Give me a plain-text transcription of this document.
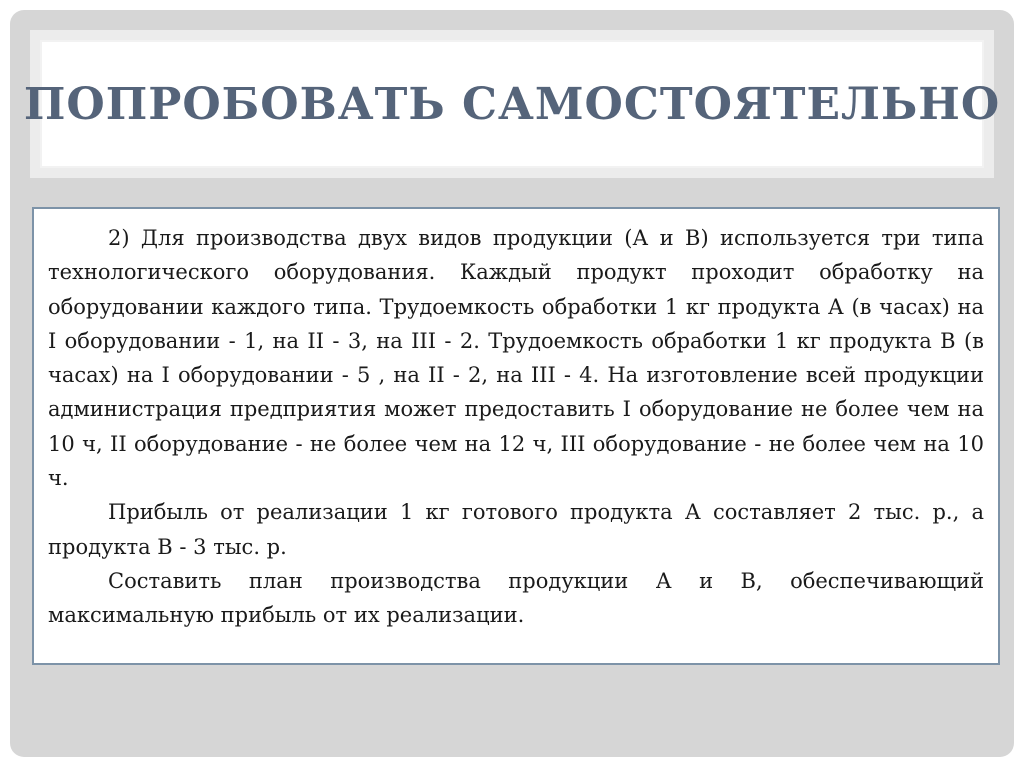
ПОПРОБОВАТЬ САМОСТОЯТЕЛЬНО

2) Для производства двух видов продукции (А и В) используется три типа технологического оборудования. Каждый продукт проходит обработку на оборудовании каждого типа. Трудоемкость обработки 1 кг продукта А (в часах) на I оборудовании - 1, на II - 3, на III - 2. Трудоемкость обработки 1 кг продукта В (в часах) на I оборудовании - 5 , на II - 2, на III - 4. На изготовление всей продукции администрация предприятия может предоставить I оборудование не более чем на 10 ч, II оборудование - не более чем на 12 ч, III оборудование - не более чем на 10 ч.

Прибыль от реализации 1 кг готового продукта А составляет 2 тыс. р., а продукта В - 3 тыс. р.

Составить план производства продукции А и В, обеспечивающий максимальную прибыль от их реализации.
